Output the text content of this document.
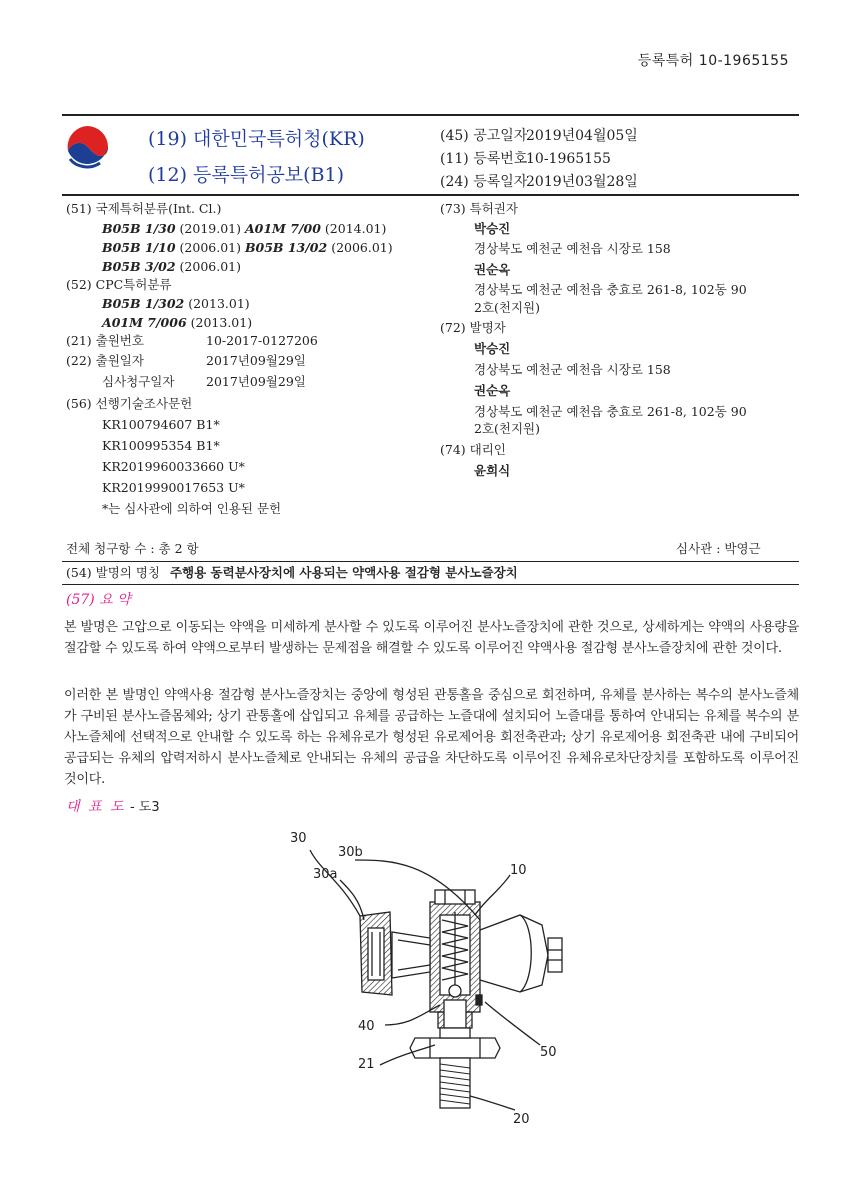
등록특허 10-1965155
(19) 대한민국특허청(KR)
(12) 등록특허공보(B1)
(45) 공고일자2019년04월05일
(11) 등록번호10-1965155
(24) 등록일자2019년03월28일
(51) 국제특허분류(Int. Cl.)
B05B 1/30 (2019.01) A01M 7/00 (2014.01)
B05B 1/10 (2006.01) B05B 13/02 (2006.01)
B05B 3/02 (2006.01)
(52) CPC특허분류
B05B 1/302 (2013.01)
A01M 7/006 (2013.01)
(21) 출원번호	10-2017-0127206
(22) 출원일자	2017년09월29일
심사청구일자	2017년09월29일
(56) 선행기술조사문헌
KR100794607 B1*
KR100995354 B1*
KR2019960033660 U*
KR2019990017653 U*
*는 심사관에 의하여 인용된 문헌
(73) 특허권자
박승진
경상북도 예천군 예천읍 시장로 158
권순옥
경상북도 예천군 예천읍 충효로 261-8, 102동 90
2호(천지원)
(72) 발명자
박승진
경상북도 예천군 예천읍 시장로 158
권순옥
경상북도 예천군 예천읍 충효로 261-8, 102동 90
2호(천지원)
(74) 대리인
윤희식
전체 청구항 수 : 총 2 항	심사관 : 박영근
(54) 발명의 명칭 주행용 동력분사장치에 사용되는 약액사용 절감형 분사노즐장치
(57) 요 약
본 발명은 고압으로 이동되는 약액을 미세하게 분사할 수 있도록 이루어진 분사노즐장치에 관한 것으로, 상세하게는 약액의 사용량을 절감할 수 있도록 하여 약액으로부터 발생하는 문제점을 해결할 수 있도록 이루어진 약액사용 절감형 분사노즐장치에 관한 것이다.
이러한 본 발명인 약액사용 절감형 분사노즐장치는 중앙에 형성된 관통홀을 중심으로 회전하며, 유체를 분사하는 복수의 분사노즐체가 구비된 분사노즐몸체와; 상기 관통홀에 삽입되고 유체를 공급하는 노즐대에 설치되어 노즐대를 통하여 안내되는 유체를 복수의 분사노즐체에 선택적으로 안내할 수 있도록 하는 유체유로가 형성된 유로제어용 회전축관과; 상기 유로제어용 회전축관 내에 구비되어 공급되는 유체의 압력저하시 분사노즐체로 안내되는 유체의 공급을 차단하도록 이루어진 유체유로차단장치를 포함하도록 이루어진 것이다.
대 표 도 - 도3
30
30b
30a	10
40
50
21
20
